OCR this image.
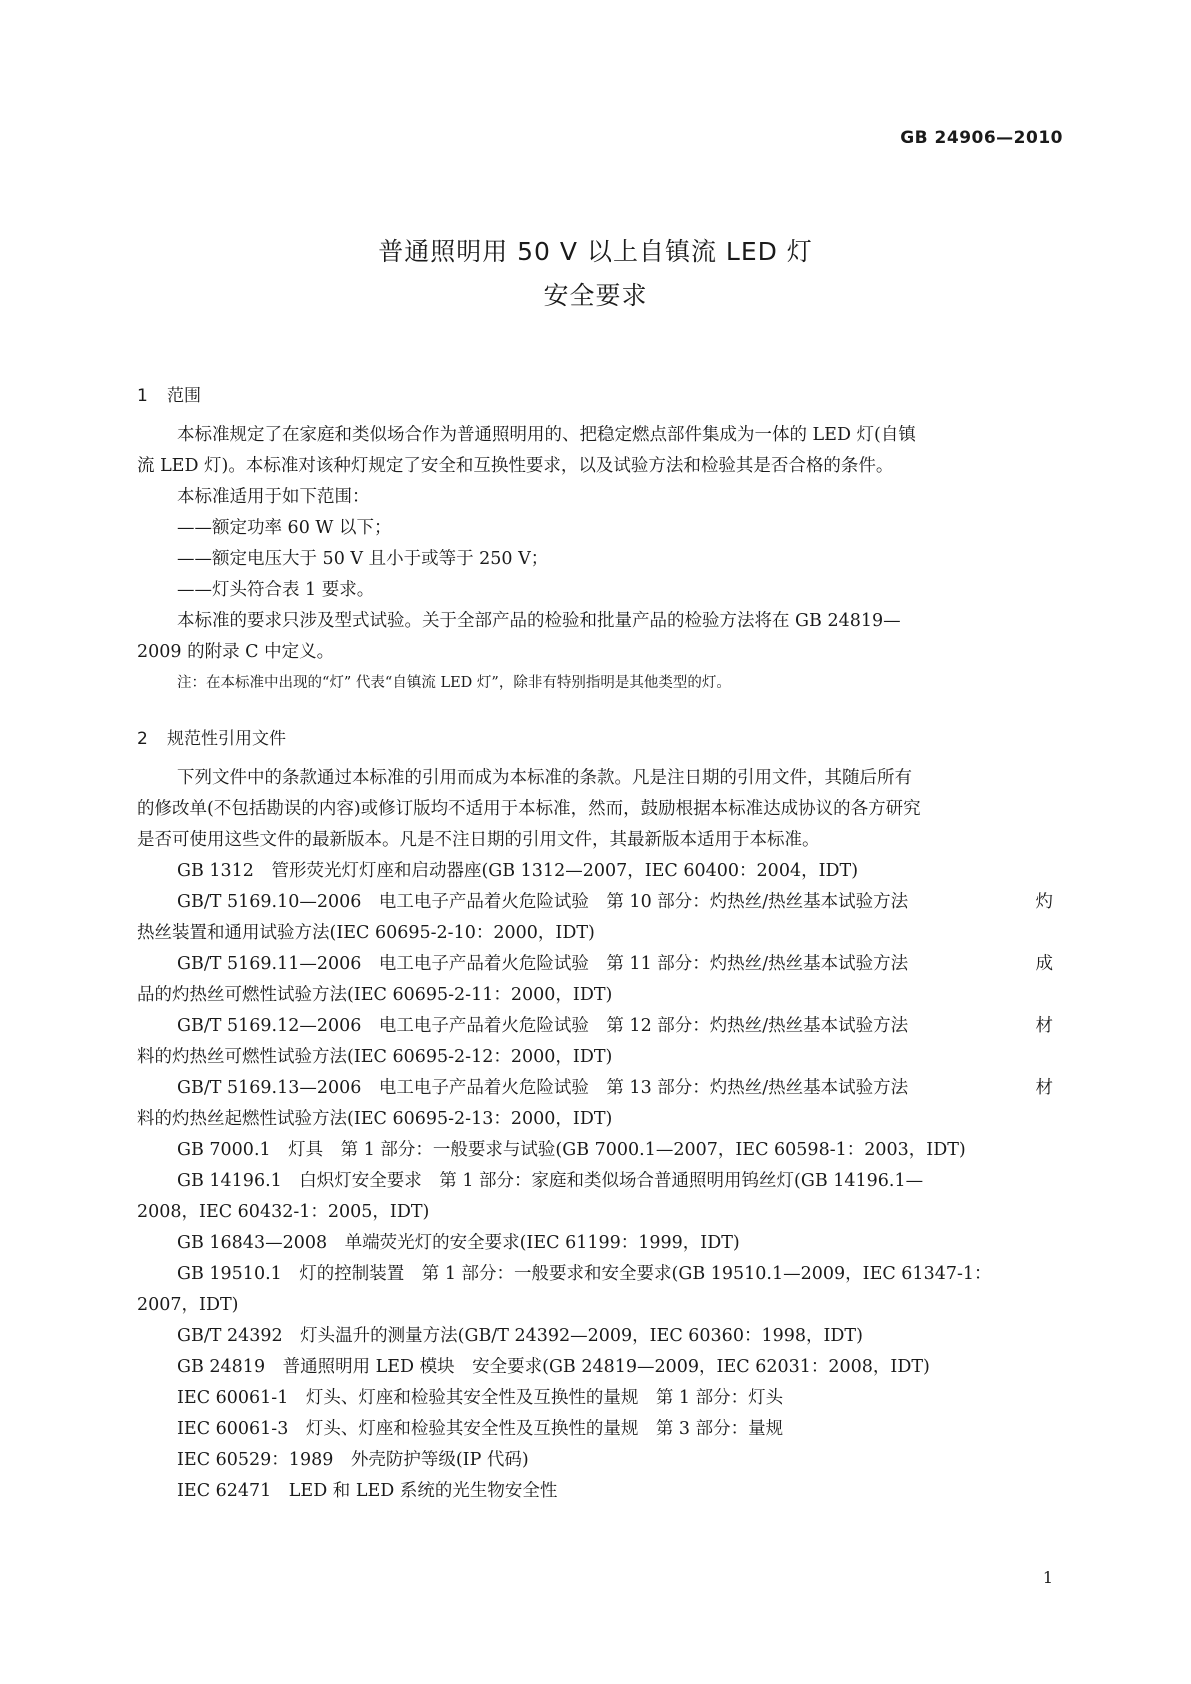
GB 24906—2010
普通照明用 50 V 以上自镇流 LED 灯
安全要求
1 范围

本标准规定了在家庭和类似场合作为普通照明用的、把稳定燃点部件集成为一体的 LED 灯(自镇

流 LED 灯)。本标准对该种灯规定了安全和互换性要求，以及试验方法和检验其是否合格的条件。

本标准适用于如下范围：

——额定功率 60 W 以下；

——额定电压大于 50 V 且小于或等于 250 V；

——灯头符合表 1 要求。

本标准的要求只涉及型式试验。关于全部产品的检验和批量产品的检验方法将在 GB 24819—

2009 的附录 C 中定义。

注：在本标准中出现的“灯” 代表“自镇流 LED 灯”，除非有特别指明是其他类型的灯。

2 规范性引用文件

下列文件中的条款通过本标准的引用而成为本标准的条款。凡是注日期的引用文件，其随后所有

的修改单(不包括勘误的内容)或修订版均不适用于本标准，然而，鼓励根据本标准达成协议的各方研究

是否可使用这些文件的最新版本。凡是不注日期的引用文件，其最新版本适用于本标准。

GB 1312　管形荧光灯灯座和启动器座(GB 1312—2007，IEC 60400：2004，IDT)

GB/T 5169.10—2006　电工电子产品着火危险试验　第 10 部分：灼热丝/热丝基本试验方法	灼

热丝装置和通用试验方法(IEC 60695-2-10：2000，IDT)

GB/T 5169.11—2006　电工电子产品着火危险试验　第 11 部分：灼热丝/热丝基本试验方法	成

品的灼热丝可燃性试验方法(IEC 60695-2-11：2000，IDT)

GB/T 5169.12—2006　电工电子产品着火危险试验　第 12 部分：灼热丝/热丝基本试验方法	材

料的灼热丝可燃性试验方法(IEC 60695-2-12：2000，IDT)

GB/T 5169.13—2006　电工电子产品着火危险试验　第 13 部分：灼热丝/热丝基本试验方法	材

料的灼热丝起燃性试验方法(IEC 60695-2-13：2000，IDT)

GB 7000.1　灯具　第 1 部分：一般要求与试验(GB 7000.1—2007，IEC 60598-1：2003，IDT)

GB 14196.1　白炽灯安全要求　第 1 部分：家庭和类似场合普通照明用钨丝灯(GB 14196.1—

2008，IEC 60432-1：2005，IDT)

GB 16843—2008　单端荧光灯的安全要求(IEC 61199：1999，IDT)

GB 19510.1　灯的控制装置　第 1 部分：一般要求和安全要求(GB 19510.1—2009，IEC 61347-1：

2007，IDT)

GB/T 24392　灯头温升的测量方法(GB/T 24392—2009，IEC 60360：1998，IDT)

GB 24819　普通照明用 LED 模块　安全要求(GB 24819—2009，IEC 62031：2008，IDT)

IEC 60061-1　灯头、灯座和检验其安全性及互换性的量规　第 1 部分：灯头

IEC 60061-3　灯头、灯座和检验其安全性及互换性的量规　第 3 部分：量规

IEC 60529：1989　外壳防护等级(IP 代码)

IEC 62471　LED 和 LED 系统的光生物安全性

1
